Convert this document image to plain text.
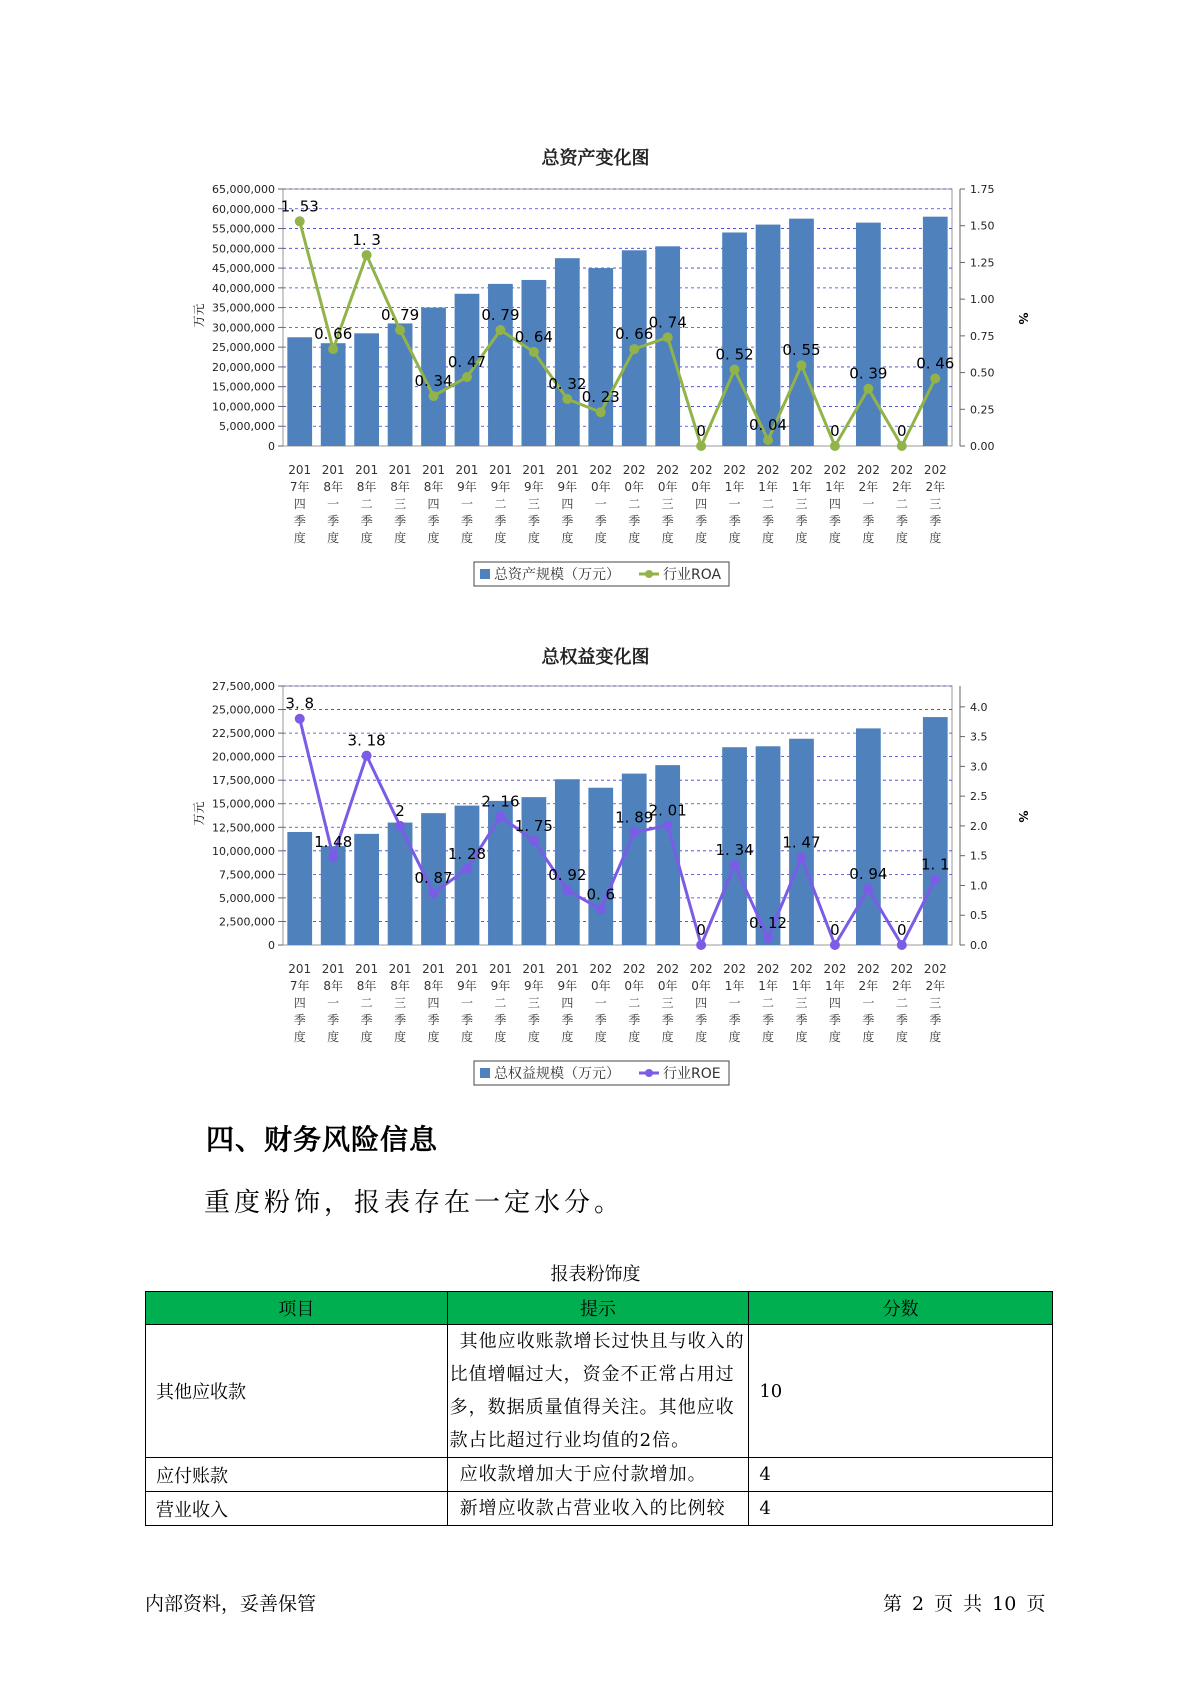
总资产变化图
0
5,000,000
10,000,000
15,000,000
20,000,000
25,000,000
30,000,000
35,000,000
40,000,000
45,000,000
50,000,000
55,000,000
60,000,000
65,000,000
0.00
0.25
0.50
0.75
1.00
1.25
1.50
1.75
万元	%
1. 53
0. 66
1. 3
0. 79
0. 34
0. 47
0. 79
0. 64
0. 32
0. 23
0. 66
0. 74
0
0. 52
0. 04
0. 55
0
0. 39
0
0. 46
201
7年
四
季
度
201
8年
一
季
度
201
8年
二
季
度
201
8年
三
季
度
201
8年
四
季
度
201
9年
一
季
度
201
9年
二
季
度
201
9年
三
季
度
201
9年
四
季
度
202
0年
一
季
度
202
0年
二
季
度
202
0年
三
季
度
202
0年
四
季
度
202
1年
一
季
度
202
1年
二
季
度
202
1年
三
季
度
202
1年
四
季
度
202
2年
一
季
度
202
2年
二
季
度
202
2年
三
季
度
总资产规模（万元）	行业ROA
总权益变化图
0
2,500,000
5,000,000
7,500,000
10,000,000
12,500,000
15,000,000
17,500,000
20,000,000
22,500,000
25,000,000
27,500,000
0.0
0.5
1.0
1.5
2.0
2.5
3.0
3.5
4.0
万元	%
3. 8
1. 48
3. 18
2
0. 87
1. 28
2. 16
1. 75
0. 92
0. 6
1. 89
2. 01
0
1. 34
0. 12
1. 47
0
0. 94
0
1. 1
201
7年
四
季
度
201
8年
一
季
度
201
8年
二
季
度
201
8年
三
季
度
201
8年
四
季
度
201
9年
一
季
度
201
9年
二
季
度
201
9年
三
季
度
201
9年
四
季
度
202
0年
一
季
度
202
0年
二
季
度
202
0年
三
季
度
202
0年
四
季
度
202
1年
一
季
度
202
1年
二
季
度
202
1年
三
季
度
202
1年
四
季
度
202
2年
一
季
度
202
2年
二
季
度
202
2年
三
季
度
总权益规模（万元）	行业ROE
四、财务风险信息
重度粉饰，报表存在一定水分。
报表粉饰度
项目	提示	分数
其他应收款	其他应收账款增长过快且与收入的比值增幅过大，资金不正常占用过多，数据质量值得关注。其他应收款占比超过行业均值的2倍。	10
应付账款	应收款增加大于应付款增加。	4
营业收入	新增应收款占营业收入的比例较	4
内部资料，妥善保管	第 2 页 共 10 页
